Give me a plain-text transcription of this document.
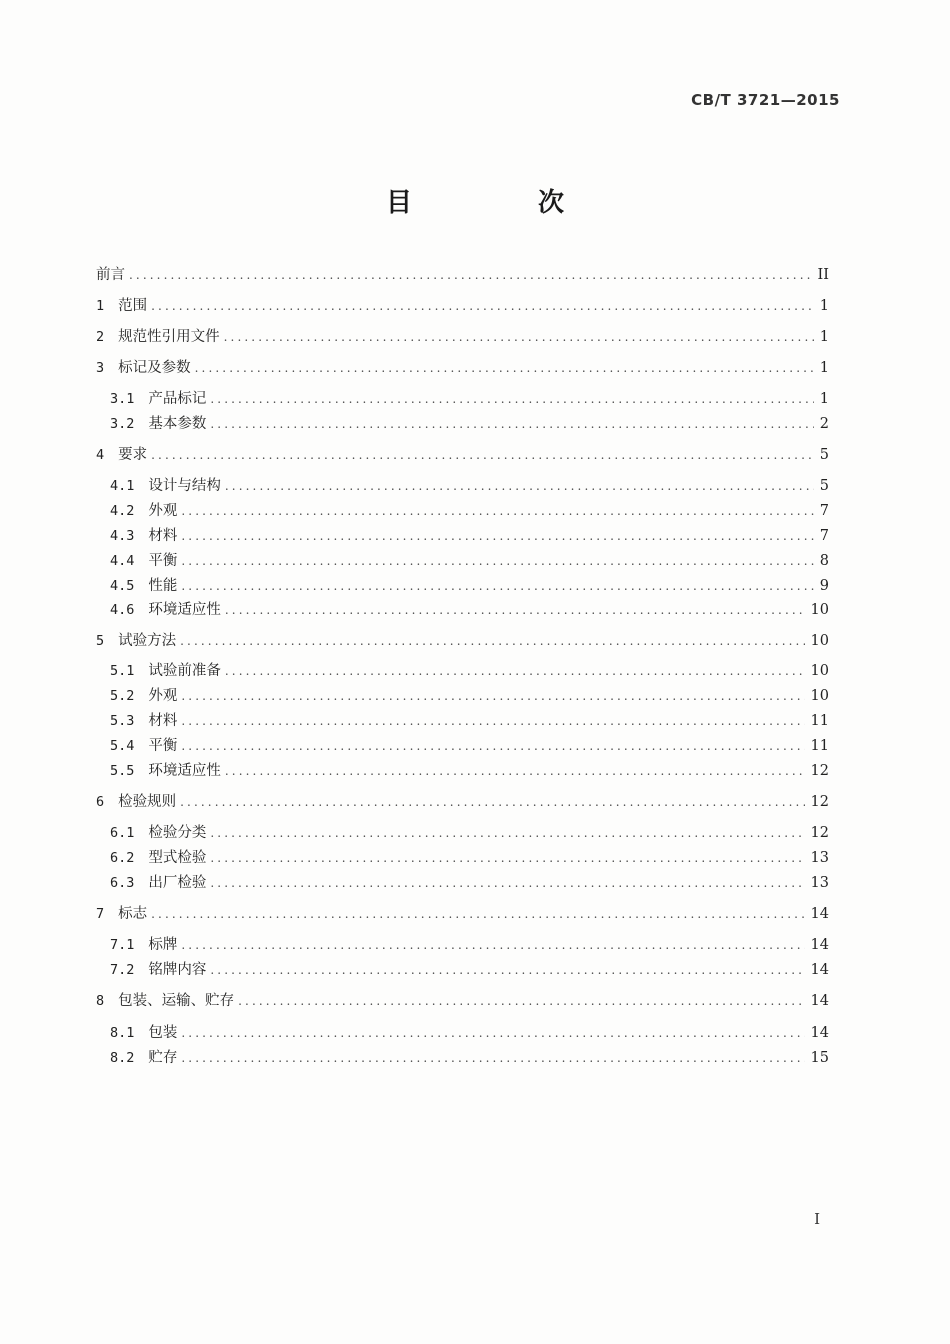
CB/T 3721—2015
目　次
前言 .....	II
1 范围 .....	1
2 规范性引用文件 .....	1
3 标记及参数 .....	1
3.1 产品标记 .....	1
3.2 基本参数 .....	2
4 要求 .....	5
4.1 设计与结构 .....	5
4.2 外观 .....	7
4.3 材料 .....	7
4.4 平衡 .....	8
4.5 性能 .....	9
4.6 环境适应性 .....	10
5 试验方法 .....	10
5.1 试验前准备 .....	10
5.2 外观 .....	10
5.3 材料 .....	11
5.4 平衡 .....	11
5.5 环境适应性 .....	12
6 检验规则 .....	12
6.1 检验分类 .....	12
6.2 型式检验 .....	13
6.3 出厂检验 .....	13
7 标志 .....	14
7.1 标牌 .....	14
7.2 铭牌内容 .....	14
8 包装、运输、贮存 .....	14
8.1 包装 .....	14
8.2 贮存 .....	15
I
